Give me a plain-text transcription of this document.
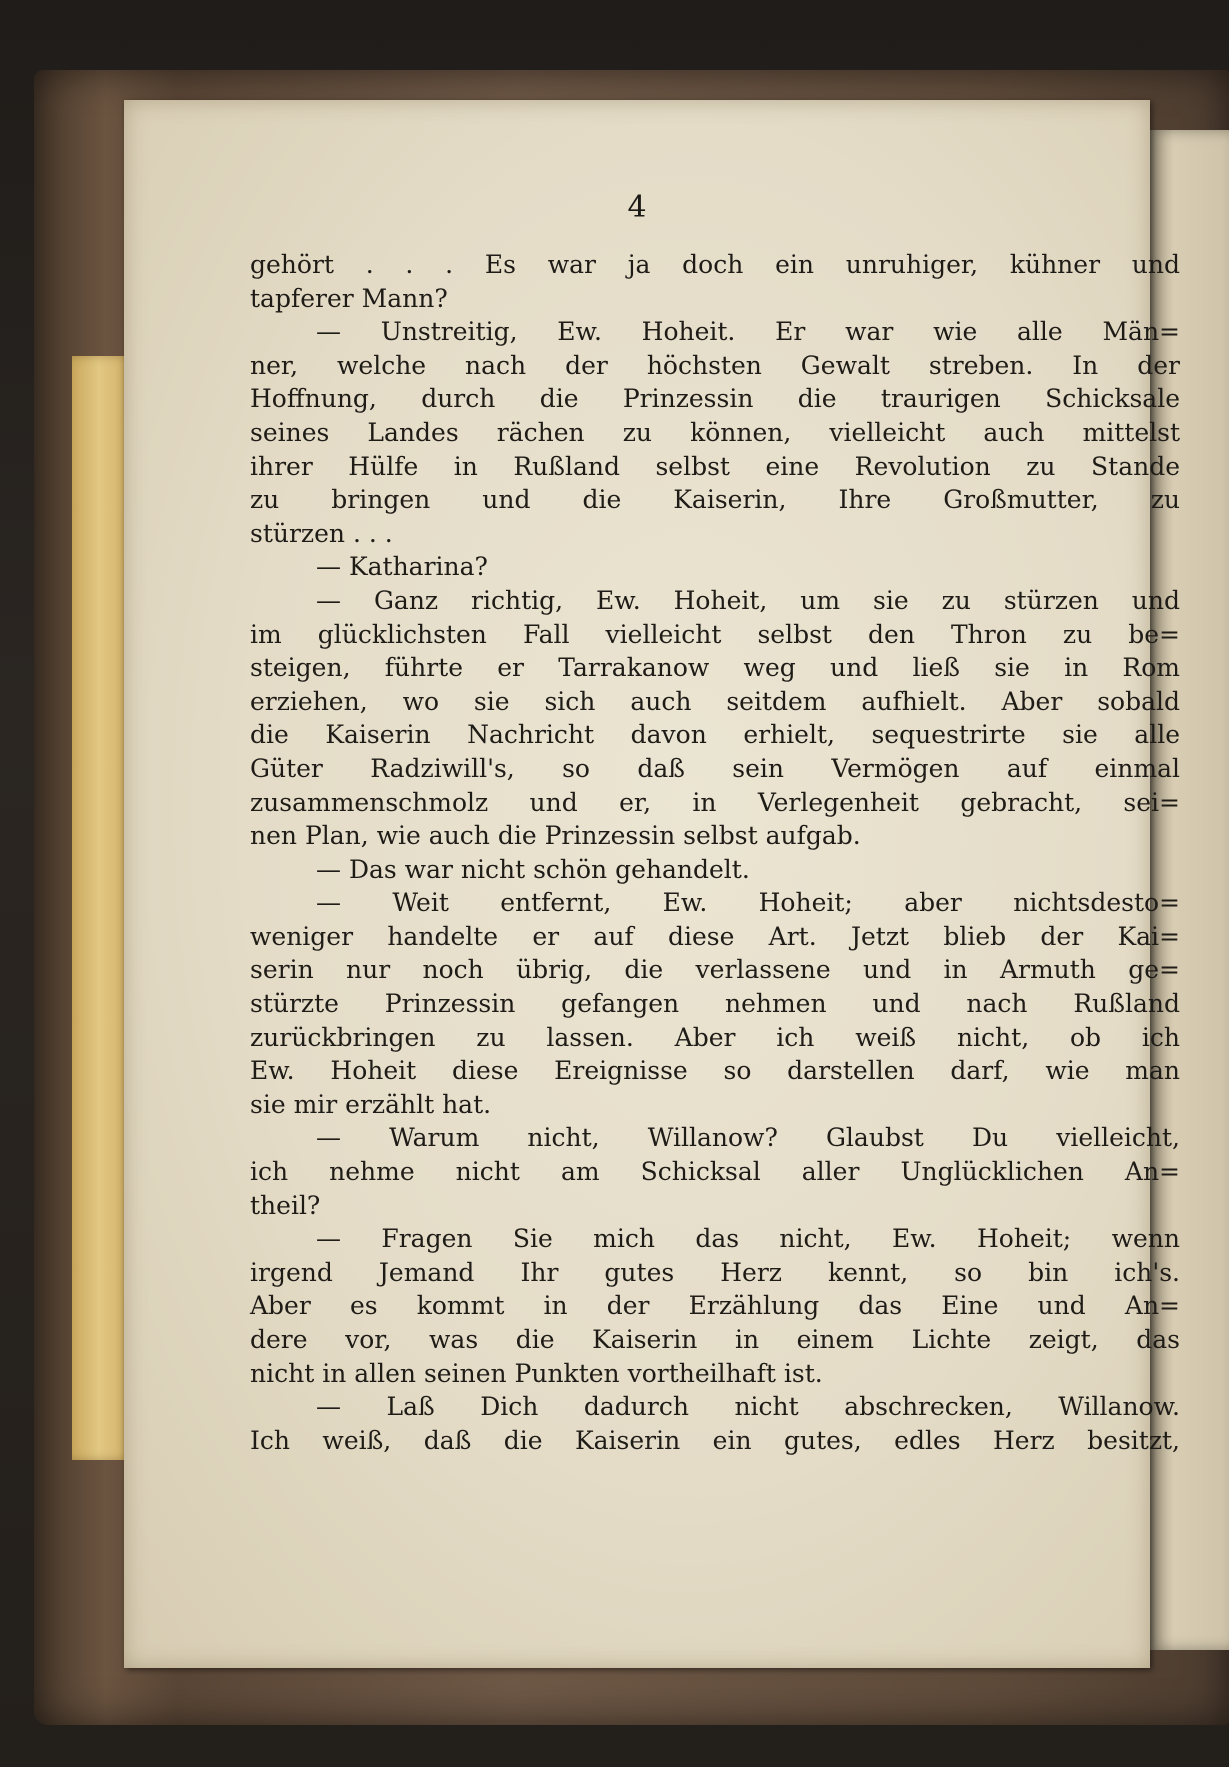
4
gehört . . . Es war ja doch ein unruhiger, kühner und
tapferer Mann?
— Unstreitig, Ew. Hoheit. Er war wie alle Män=
ner, welche nach der höchsten Gewalt streben. In der
Hoffnung, durch die Prinzessin die traurigen Schicksale
seines Landes rächen zu können, vielleicht auch mittelst
ihrer Hülfe in Rußland selbst eine Revolution zu Stande
zu bringen und die Kaiserin, Ihre Großmutter, zu
stürzen . . .
— Katharina?
— Ganz richtig, Ew. Hoheit, um sie zu stürzen und
im glücklichsten Fall vielleicht selbst den Thron zu be=
steigen, führte er Tarrakanow weg und ließ sie in Rom
erziehen, wo sie sich auch seitdem aufhielt. Aber sobald
die Kaiserin Nachricht davon erhielt, sequestrirte sie alle
Güter Radziwill's, so daß sein Vermögen auf einmal
zusammenschmolz und er, in Verlegenheit gebracht, sei=
nen Plan, wie auch die Prinzessin selbst aufgab.
— Das war nicht schön gehandelt.
— Weit entfernt, Ew. Hoheit; aber nichtsdesto=
weniger handelte er auf diese Art. Jetzt blieb der Kai=
serin nur noch übrig, die verlassene und in Armuth ge=
stürzte Prinzessin gefangen nehmen und nach Rußland
zurückbringen zu lassen. Aber ich weiß nicht, ob ich
Ew. Hoheit diese Ereignisse so darstellen darf, wie man
sie mir erzählt hat.
— Warum nicht, Willanow? Glaubst Du vielleicht,
ich nehme nicht am Schicksal aller Unglücklichen An=
theil?
— Fragen Sie mich das nicht, Ew. Hoheit; wenn
irgend Jemand Ihr gutes Herz kennt, so bin ich's.
Aber es kommt in der Erzählung das Eine und An=
dere vor, was die Kaiserin in einem Lichte zeigt, das
nicht in allen seinen Punkten vortheilhaft ist.
— Laß Dich dadurch nicht abschrecken, Willanow.
Ich weiß, daß die Kaiserin ein gutes, edles Herz besitzt,
